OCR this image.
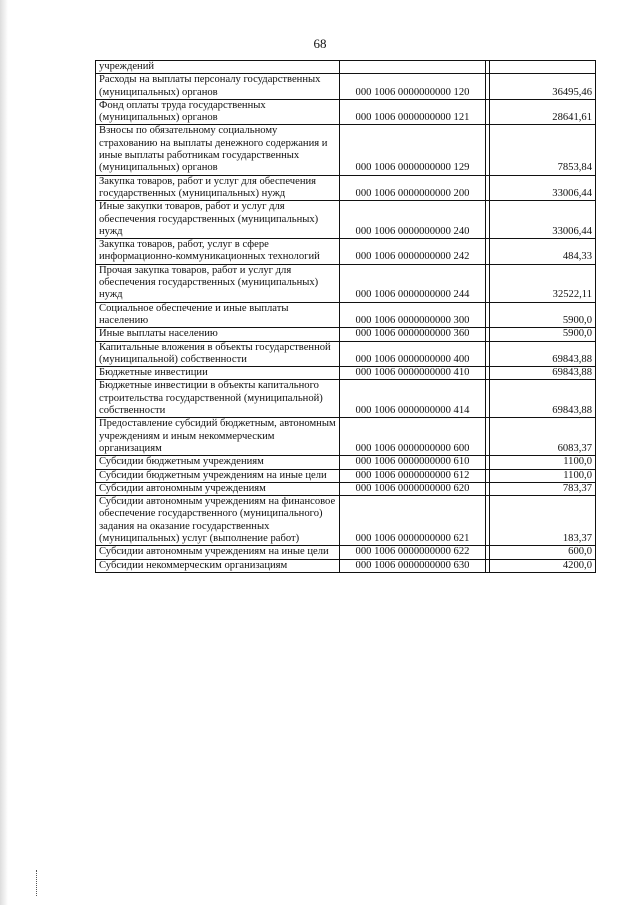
68
учреждений			
Расходы на выплаты персоналу государственных (муниципальных) органов	000 1006 0000000000 120		36495,46
Фонд оплаты труда государственных (муниципальных) органов	000 1006 0000000000 121		28641,61
Взносы по обязательному социальному страхованию на выплаты денежного содержания и иные выплаты работникам государственных (муниципальных) органов	000 1006 0000000000 129		7853,84
Закупка товаров, работ и услуг для обеспечения государственных (муниципальных) нужд	000 1006 0000000000 200		33006,44
Иные закупки товаров, работ и услуг для обеспечения государственных (муниципальных) нужд	000 1006 0000000000 240		33006,44
Закупка товаров, работ, услуг в сфере информационно-коммуникационных технологий	000 1006 0000000000 242		484,33
Прочая закупка товаров, работ и услуг для обеспечения государственных (муниципальных) нужд	000 1006 0000000000 244		32522,11
Социальное обеспечение и иные выплаты населению	000 1006 0000000000 300		5900,0
Иные выплаты населению	000 1006 0000000000 360		5900,0
Капитальные вложения в объекты государственной (муниципальной) собственности	000 1006 0000000000 400		69843,88
Бюджетные инвестиции	000 1006 0000000000 410		69843,88
Бюджетные инвестиции в объекты капитального строительства государственной (муниципальной) собственности	000 1006 0000000000 414		69843,88
Предоставление субсидий бюджетным, автономным учреждениям и иным некоммерческим организациям	000 1006 0000000000 600		6083,37
Субсидии бюджетным учреждениям	000 1006 0000000000 610		1100,0
Субсидии бюджетным учреждениям на иные цели	000 1006 0000000000 612		1100,0
Субсидии автономным учреждениям	000 1006 0000000000 620		783,37
Субсидии автономным учреждениям на финансовое обеспечение государственного (муниципального) задания на оказание государственных (муниципальных) услуг (выполнение работ)	000 1006 0000000000 621		183,37
Субсидии автономным учреждениям на иные цели	000 1006 0000000000 622		600,0
Субсидии некоммерческим организациям	000 1006 0000000000 630		4200,0
